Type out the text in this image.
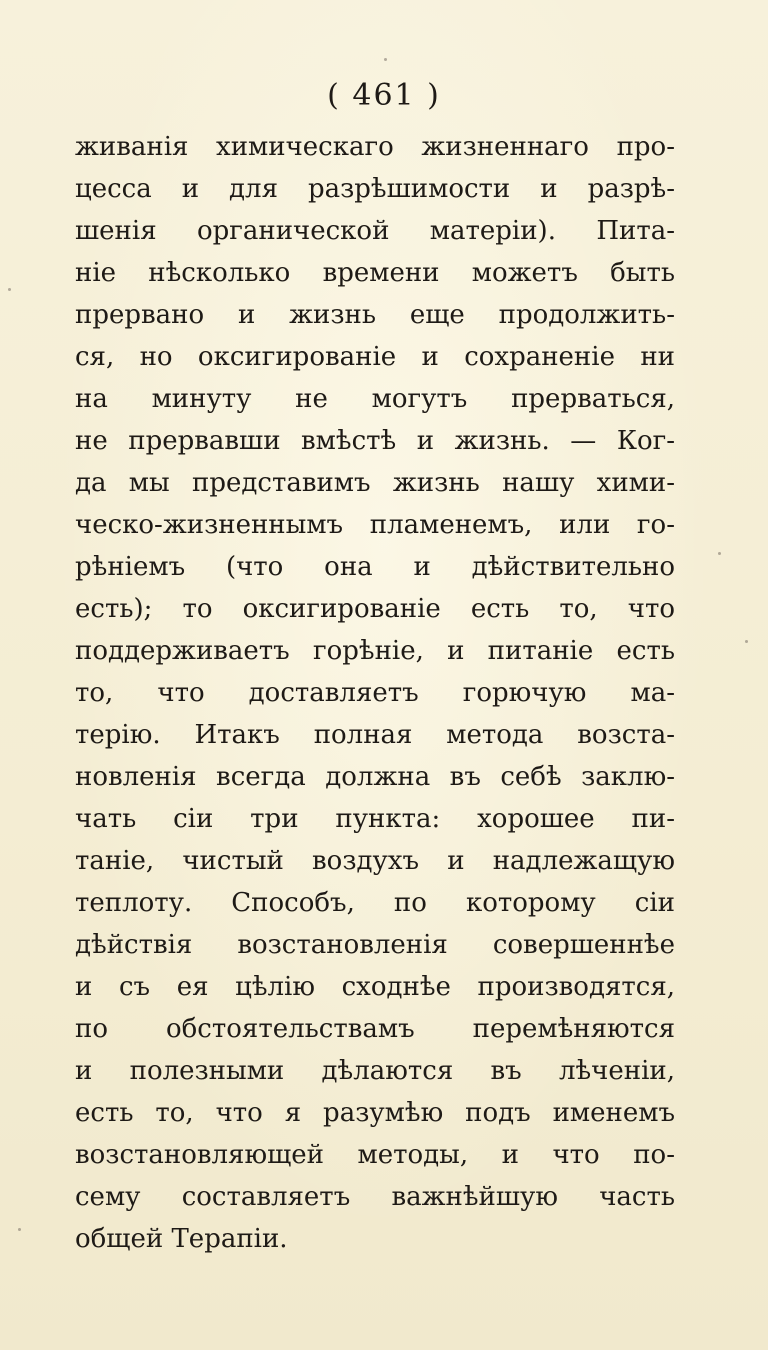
( 461 )
живанія химическаго жизненнаго про-
цесса и для разрѣшимости и разрѣ-
шенія органической матеріи). Пита-
ніе нѣсколько времени можетъ быть
прервано и жизнь еще продолжить-
ся, но оксигированіе и сохраненіе ни
на минуту не могутъ прерваться,
не прервавши вмѣстѣ и жизнь. — Ког-
да мы представимъ жизнь нашу хими-
ческо-жизненнымъ пламенемъ, или го-
рѣніемъ (что она и дѣйствительно
есть); то оксигированіе есть то, что
поддерживаетъ горѣніе, и питаніе есть
то, что доставляетъ горючую ма-
терію. Итакъ полная метода возста-
новленія всегда должна въ себѣ заклю-
чать сіи три пункта: хорошее пи-
таніе, чистый воздухъ и надлежащую
теплоту. Способъ, по которому сіи
дѣйствія возстановленія совершеннѣе
и съ ея цѣлію сходнѣе производятся,
по обстоятельствамъ перемѣняются
и полезными дѣлаются въ лѣченіи,
есть то, что я разумѣю подъ именемъ
возстановляющей методы, и что по-
сему составляетъ важнѣйшую часть
общей Терапіи.
